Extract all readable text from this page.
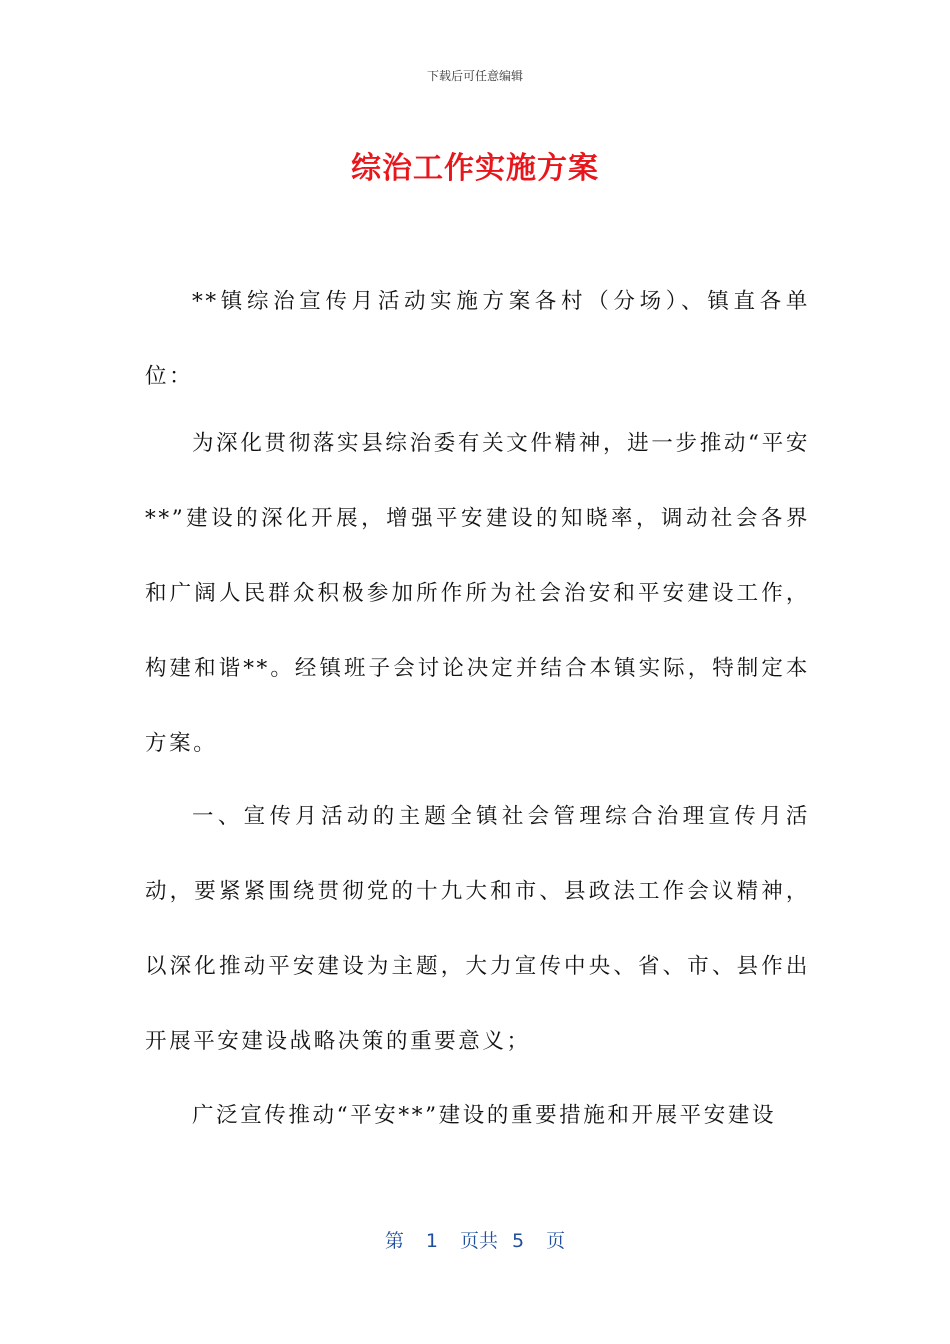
下载后可任意编辑
综治工作实施方案

**镇综治宣传月活动实施方案各村（分场）、镇直各单位：

为深化贯彻落实县综治委有关文件精神，进一步推动“平安**”建设的深化开展，增强平安建设的知晓率，调动社会各界和广阔人民群众积极参加所作所为社会治安和平安建设工作，构建和谐**。经镇班子会讨论决定并结合本镇实际，特制定本方案。

一、宣传月活动的主题全镇社会管理综合治理宣传月活动，要紧紧围绕贯彻党的十九大和市、县政法工作会议精神，以深化推动平安建设为主题，大力宣传中央、省、市、县作出开展平安建设战略决策的重要意义；

广泛宣传推动“平安**”建设的重要措施和开展平安建设

第 1 页共 5 页
